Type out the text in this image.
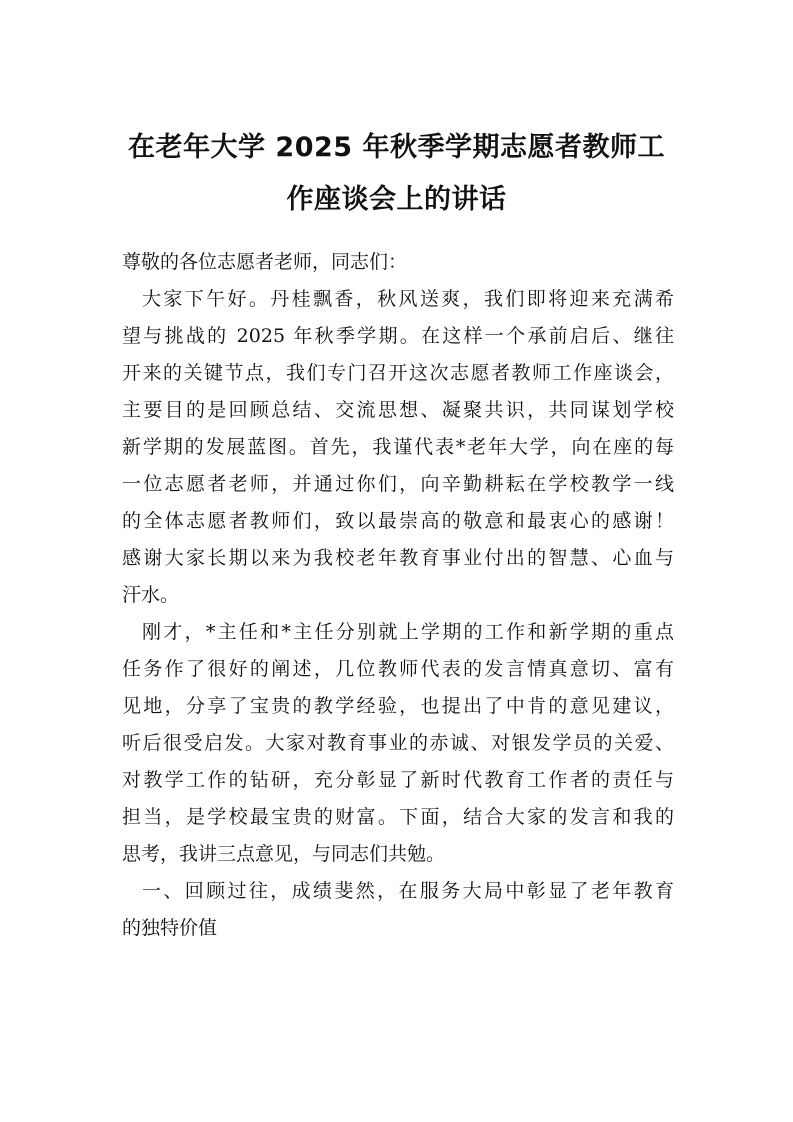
在老年大学 2025 年秋季学期志愿者教师工
作座谈会上的讲话
尊敬的各位志愿者老师，同志们：
大家下午好。丹桂飘香，秋风送爽，我们即将迎来充满希
望与挑战的 2025 年秋季学期。在这样一个承前启后、继往
开来的关键节点，我们专门召开这次志愿者教师工作座谈会，
主要目的是回顾总结、交流思想、凝聚共识，共同谋划学校
新学期的发展蓝图。首先，我谨代表*老年大学，向在座的每
一位志愿者老师，并通过你们，向辛勤耕耘在学校教学一线
的全体志愿者教师们，致以最崇高的敬意和最衷心的感谢！
感谢大家长期以来为我校老年教育事业付出的智慧、心血与
汗水。
刚才，*主任和*主任分别就上学期的工作和新学期的重点
任务作了很好的阐述，几位教师代表的发言情真意切、富有
见地，分享了宝贵的教学经验，也提出了中肯的意见建议，
听后很受启发。大家对教育事业的赤诚、对银发学员的关爱、
对教学工作的钻研，充分彰显了新时代教育工作者的责任与
担当，是学校最宝贵的财富。下面，结合大家的发言和我的
思考，我讲三点意见，与同志们共勉。
一、回顾过往，成绩斐然，在服务大局中彰显了老年教育
的独特价值
